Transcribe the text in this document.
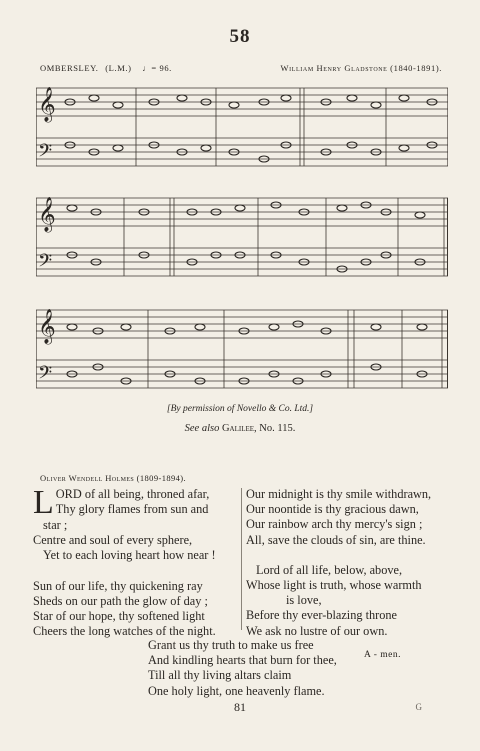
58
OMBERSLEY. (L.M.) ♩= 96.	William Henry Gladstone (1840-1891).
𝄞
𝄢
𝄞
𝄢
𝄞
𝄢
A - men.
[By permission of Novello & Co. Ltd.]
See also Galilee, No. 115.
Oliver Wendell Holmes (1809-1894).
L ORD of all being, throned afar,

Thy glory flames from sun and

star ;

Centre and soul of every sphere,

Yet to each loving heart how near !

Sun of our life, thy quickening ray

Sheds on our path the glow of day ;

Star of our hope, thy softened light

Cheers the long watches of the night.

Our midnight is thy smile withdrawn,

Our noontide is thy gracious dawn,

Our rainbow arch thy mercy's sign ;

All, save the clouds of sin, are thine.

Lord of all life, below, above,

Whose light is truth, whose warmth

is love,

Before thy ever-blazing throne

We ask no lustre of our own.

Grant us thy truth to make us free

And kindling hearts that burn for thee,

Till all thy living altars claim

One holy light, one heavenly flame.

81	G
